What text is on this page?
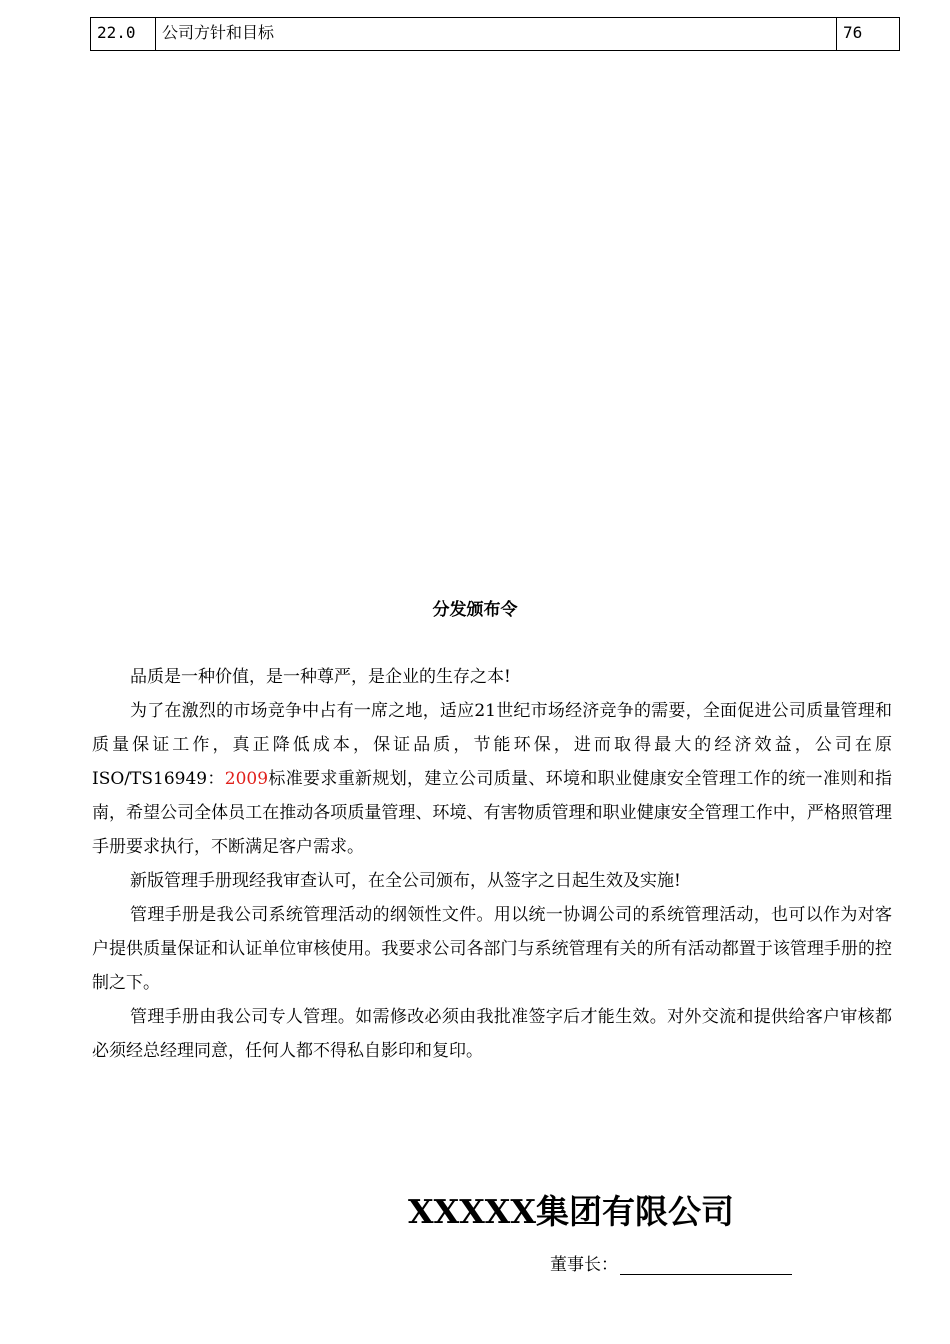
22.0	公司方针和目标	76
分发颁布令

品质是一种价值，是一种尊严，是企业的生存之本!

为了在激烈的市场竞争中占有一席之地，适应21世纪市场经济竞争的需要，全面促进公司质量管理和质量保证工作，真正降低成本，保证品质，节能环保，进而取得最大的经济效益，公司在原ISO/TS16949：2009标准要求重新规划，建立公司质量、环境和职业健康安全管理工作的统一准则和指南，希望公司全体员工在推动各项质量管理、环境、有害物质管理和职业健康安全管理工作中，严格照管理手册要求执行，不断满足客户需求。

新版管理手册现经我审查认可，在全公司颁布，从签字之日起生效及实施!

管理手册是我公司系统管理活动的纲领性文件。用以统一协调公司的系统管理活动，也可以作为对客户提供质量保证和认证单位审核使用。我要求公司各部门与系统管理有关的所有活动都置于该管理手册的控制之下。

管理手册由我公司专人管理。如需修改必须由我批准签字后才能生效。对外交流和提供给客户审核都必须经总经理同意，任何人都不得私自影印和复印。

XXXXX集团有限公司
董事长：
